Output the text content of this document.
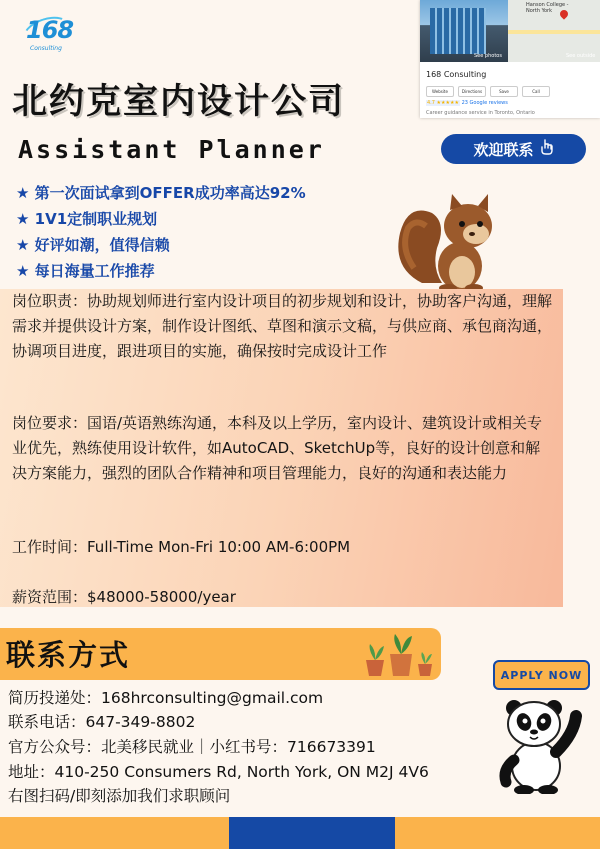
168
Consulting
北约克室内设计公司
Assistant Planner
See photos
Hanson College - North York
See outside
168 Consulting
Website	Directions	Save	Call
4.7 ★★★★★ 23 Google reviews
Career guidance service in Toronto, Ontario
欢迎联系
★ 第一次面试拿到OFFER成功率高达92%
★ 1V1定制职业规划
★ 好评如潮，值得信赖
★ 每日海量工作推荐
岗位职责：协助规划师进行室内设计项目的初步规划和设计，协助客户沟通，理解需求并提供设计方案，制作设计图纸、草图和演示文稿，与供应商、承包商沟通，协调项目进度，跟进项目的实施，确保按时完成设计工作
岗位要求：国语/英语熟练沟通，本科及以上学历，室内设计、建筑设计或相关专业优先，熟练使用设计软件，如AutoCAD、SketchUp等，良好的设计创意和解决方案能力，强烈的团队合作精神和项目管理能力，良好的沟通和表达能力
工作时间：Full-Time Mon-Fri 10:00 AM-6:00PM
薪资范围：$48000-58000/year
联系方式
APPLY NOW
简历投递处：168hrconsulting@gmail.com
联系电话：647-349-8802
官方公众号：北美移民就业｜小红书号：716673391
地址：410-250 Consumers Rd, North York, ON M2J 4V6
右图扫码/即刻添加我们求职顾问
